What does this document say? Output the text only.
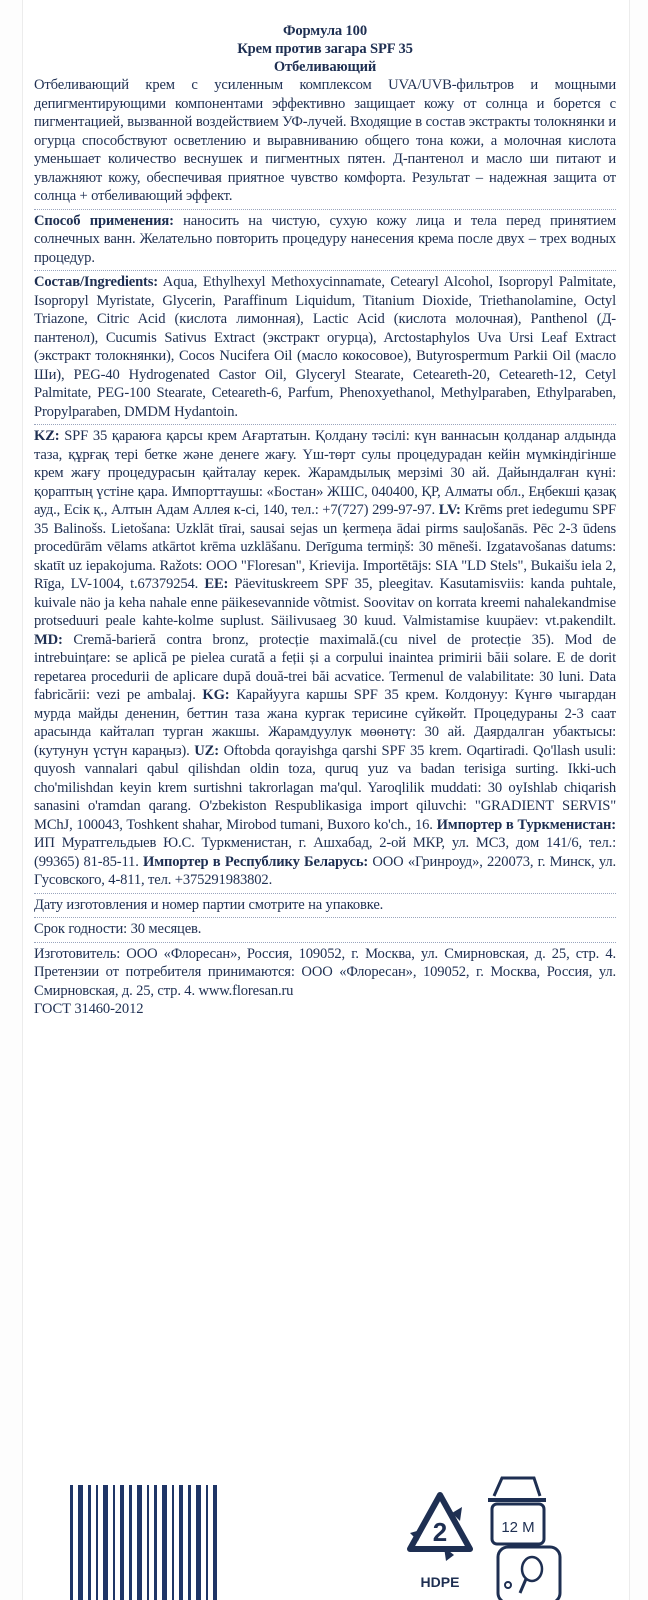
Формула 100
Крем против загара SPF 35
Отбеливающий

Отбеливающий крем с усиленным комплексом UVA/UVB-фильтров и мощными депигментирующими компонентами эффективно защищает кожу от солнца и борется с пигментацией, вызванной воздействием УФ-лучей. Входящие в состав экстракты толокнянки и огурца способствуют осветлению и выравниванию общего тона кожи, а молочная кислота уменьшает количество веснушек и пигментных пятен. Д-пантенол и масло ши питают и увлажняют кожу, обеспечивая приятное чувство комфорта. Результат – надежная защита от солнца + отбеливающий эффект.

Способ применения: наносить на чистую, сухую кожу лица и тела перед принятием солнечных ванн. Желательно повторить процедуру нанесения крема после двух – трех водных процедур.

Состав/Ingredients: Aqua, Ethylhexyl Methoxycinnamate, Cetearyl Alcohol, Isopropyl Palmitate, Isopropyl Myristate, Glycerin, Paraffinum Liquidum, Titanium Dioxide, Triethanolamine, Octyl Triazone, Citric Acid (кислота лимонная), Lactic Acid (кислота молочная), Panthenol (Д-пантенол), Cucumis Sativus Extract (экстракт огурца), Arctostaphylos Uva Ursi Leaf Extract (экстракт толокнянки), Cocos Nucifera Oil (масло кокосовое), Butyrospermum Parkii Oil (масло Ши), PEG-40 Hydrogenated Castor Oil, Glyceryl Stearate, Ceteareth-20, Ceteareth-12, Cetyl Palmitate, PEG-100 Stearate, Ceteareth-6, Parfum, Phenoxyethanol, Methylparaben, Ethylparaben, Propylparaben, DMDM Hydantoin.

KZ: SPF 35 қараюға қарсы крем Ағартатын. Қолдану тәсілі: күн ваннасын қолданар алдында таза, құрғақ тері бетке және денеге жағу. Үш-төрт сулы процедурадан кейін мүмкіндігінше крем жағу процедурасын қайталау керек. Жарамдылық мерзімі 30 ай. Дайындалған күні: қораптың үстіне қара. Импорттаушы: «Бостан» ЖШС, 040400, ҚР, Алматы обл., Еңбекші қазақ ауд., Есік қ., Алтын Адам Аллея к-сі, 140, тел.: +7(727) 299-97-97. LV: Krēms pret iedegumu SPF 35 Balinošs. Lietošana: Uzklāt tīrai, sausai sejas un ķermeņa ādai pirms sauļošanās. Pēc 2-3 ūdens procedūrām vēlams atkārtot krēma uzklāšanu. Derīguma termiņš: 30 mēneši. Izgatavošanas datums: skatīt uz iepakojuma. Ražots: OOO "Floresan", Krievija. Importētājs: SIA "LD Stels", Bukaišu iela 2, Rīga, LV-1004, t.67379254. EE: Päevituskreem SPF 35, pleegitav. Kasutamisviis: kanda puhtale, kuivale näo ja keha nahale enne päikesevannide võtmist. Soovitav on korrata kreemi nahalekandmise protseduuri peale kahte-kolme suplust. Säilivusaeg 30 kuud. Valmistamise kuupäev: vt.pakendilt. MD: Cremă-barieră contra bronz, protecție maximală.(cu nivel de protecție 35). Mod de intrebuințare: se aplică pe pielea curată a feții și a corpului inaintea primirii băii solare. E de dorit repetarea procedurii de aplicare după două-trei băi acvatice. Termenul de valabilitate: 30 luni. Data fabricării: vezi pe ambalaj. KG: Карайууга каршы SPF 35 крем. Колдонуу: Күнгө чыгардан мурда майды дененин, беттин таза жана кургак терисине сүйкөйт. Процедураны 2-3 саат арасында кайталап турган жакшы. Жарамдуулук мөөнөтү: 30 ай. Даярдалган убактысы: (кутунун үстүн караңыз). UZ: Oftobda qorayishga qarshi SPF 35 krem. Oqartiradi. Qo'llash usuli: quyosh vannalari qabul qilishdan oldin toza, quruq yuz va badan terisiga surting. Ikki-uch cho'milishdan keyin krem surtishni takrorlagan ma'qul. Yaroqlilik muddati: 30 oyIshlab chiqarish sanasini o'ramdan qarang. O'zbekiston Respublikasiga import qiluvchi: "GRADIENT SERVIS" MChJ, 100043, Toshkent shahar, Mirobod tumani, Buxoro ko'ch., 16. Импортер в Туркменистан: ИП Муратгельдыев Ю.С. Туркменистан, г. Ашхабад, 2-ой МКР, ул. МСЗ, дом 141/6, тел.: (99365) 81-85-11. Импортер в Республику Беларусь: ООО «Гринроуд», 220073, г. Минск, ул. Гусовского, 4-811, тел. +375291983802.

Дату изготовления и номер партии смотрите на упаковке.

Срок годности: 30 месяцев.

Изготовитель: ООО «Флоресан», Россия, 109052, г. Москва, ул. Смирновская, д. 25, стр. 4. Претензии от потребителя принимаются: ООО «Флоресан», 109052, г. Москва, Россия, ул. Смирновская, д. 25, стр. 4. www.floresan.ru

ГОСТ 31460-2012

2
HDPE
12 M
